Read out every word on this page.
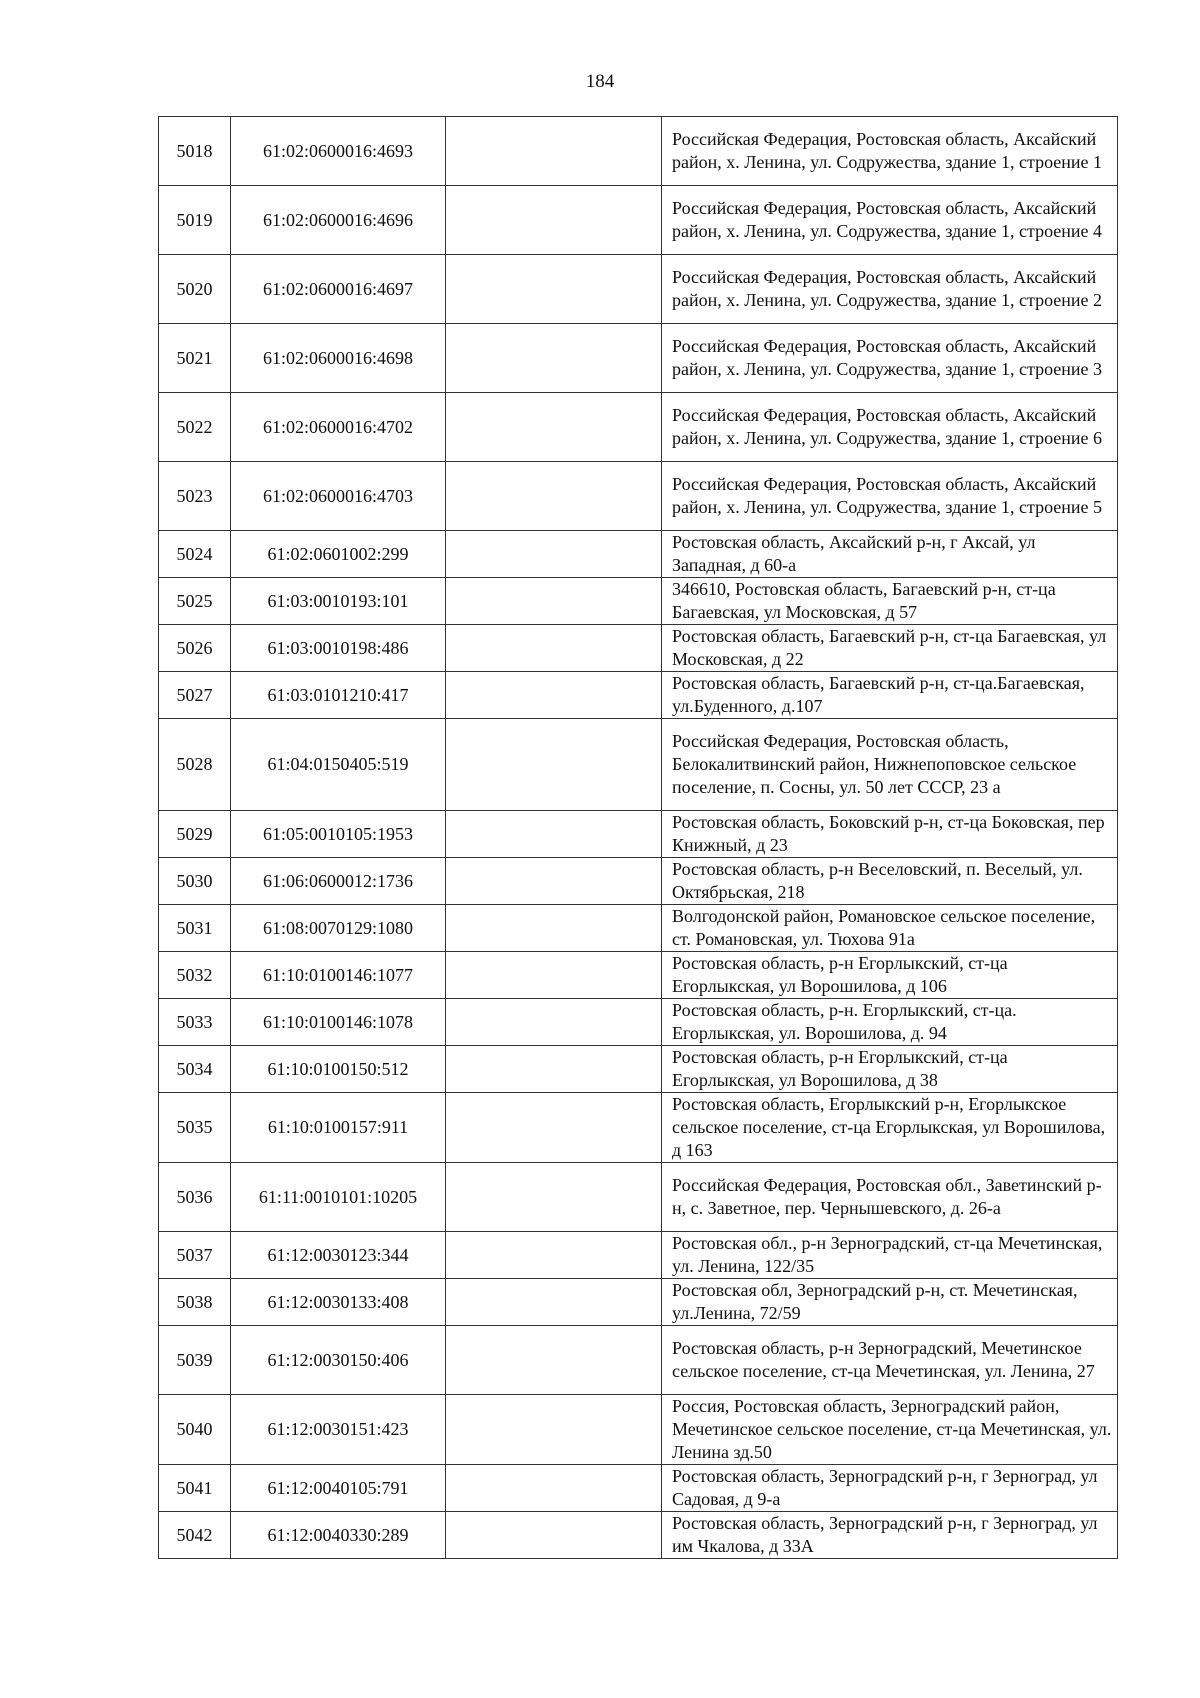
184
5018	61:02:0600016:4693		Российская Федерация, Ростовская область, Аксайский район, х. Ленина, ул. Содружества, здание 1, строение 1
5019	61:02:0600016:4696		Российская Федерация, Ростовская область, Аксайский район, х. Ленина, ул. Содружества, здание 1, строение 4
5020	61:02:0600016:4697		Российская Федерация, Ростовская область, Аксайский район, х. Ленина, ул. Содружества, здание 1, строение 2
5021	61:02:0600016:4698		Российская Федерация, Ростовская область, Аксайский район, х. Ленина, ул. Содружества, здание 1, строение 3
5022	61:02:0600016:4702		Российская Федерация, Ростовская область, Аксайский район, х. Ленина, ул. Содружества, здание 1, строение 6
5023	61:02:0600016:4703		Российская Федерация, Ростовская область, Аксайский район, х. Ленина, ул. Содружества, здание 1, строение 5
5024	61:02:0601002:299		Ростовская область, Аксайский р-н, г Аксай, ул Западная, д 60-а
5025	61:03:0010193:101		346610, Ростовская область, Багаевский р-н, ст-ца Багаевская, ул Московская, д 57
5026	61:03:0010198:486		Ростовская область, Багаевский р-н, ст-ца Багаевская, ул Московская, д 22
5027	61:03:0101210:417		Ростовская область, Багаевский р-н, ст-ца.Багаевская, ул.Буденного, д.107
5028	61:04:0150405:519		Российская Федерация, Ростовская область, Белокалитвинский район, Нижнепоповское сельское поселение, п. Сосны, ул. 50 лет СССР, 23 а
5029	61:05:0010105:1953		Ростовская область, Боковский р-н, ст-ца Боковская, пер Книжный, д 23
5030	61:06:0600012:1736		Ростовская область, р-н Веселовский, п. Веселый, ул. Октябрьская, 218
5031	61:08:0070129:1080		Волгодонской район, Романовское сельское поселение, ст. Романовская, ул. Тюхова 91а
5032	61:10:0100146:1077		Ростовская область, р-н Егорлыкский, ст-ца Егорлыкская, ул Ворошилова, д 106
5033	61:10:0100146:1078		Ростовская область, р-н. Егорлыкский, ст-ца. Егорлыкская, ул. Ворошилова, д. 94
5034	61:10:0100150:512		Ростовская область, р-н Егорлыкский, ст-ца Егорлыкская, ул Ворошилова, д 38
5035	61:10:0100157:911		Ростовская область, Егорлыкский р-н, Егорлыкское сельское поселение, ст-ца Егорлыкская, ул Ворошилова, д 163
5036	61:11:0010101:10205		Российская Федерация, Ростовская обл., Заветинский р-н, с. Заветное, пер. Чернышевского, д. 26-а
5037	61:12:0030123:344		Ростовская обл., р-н Зерноградский, ст-ца Мечетинская, ул. Ленина, 122/35
5038	61:12:0030133:408		Ростовская обл, Зерноградский р-н, ст. Мечетинская, ул.Ленина, 72/59
5039	61:12:0030150:406		Ростовская область, р-н Зерноградский, Мечетинское сельское поселение, ст-ца Мечетинская, ул. Ленина, 27
5040	61:12:0030151:423		Россия, Ростовская область, Зерноградский район, Мечетинское сельское поселение, ст-ца Мечетинская, ул. Ленина зд.50
5041	61:12:0040105:791		Ростовская область, Зерноградский р-н, г Зерноград, ул Садовая, д 9-а
5042	61:12:0040330:289		Ростовская область, Зерноградский р-н, г Зерноград, ул им Чкалова, д 33А
